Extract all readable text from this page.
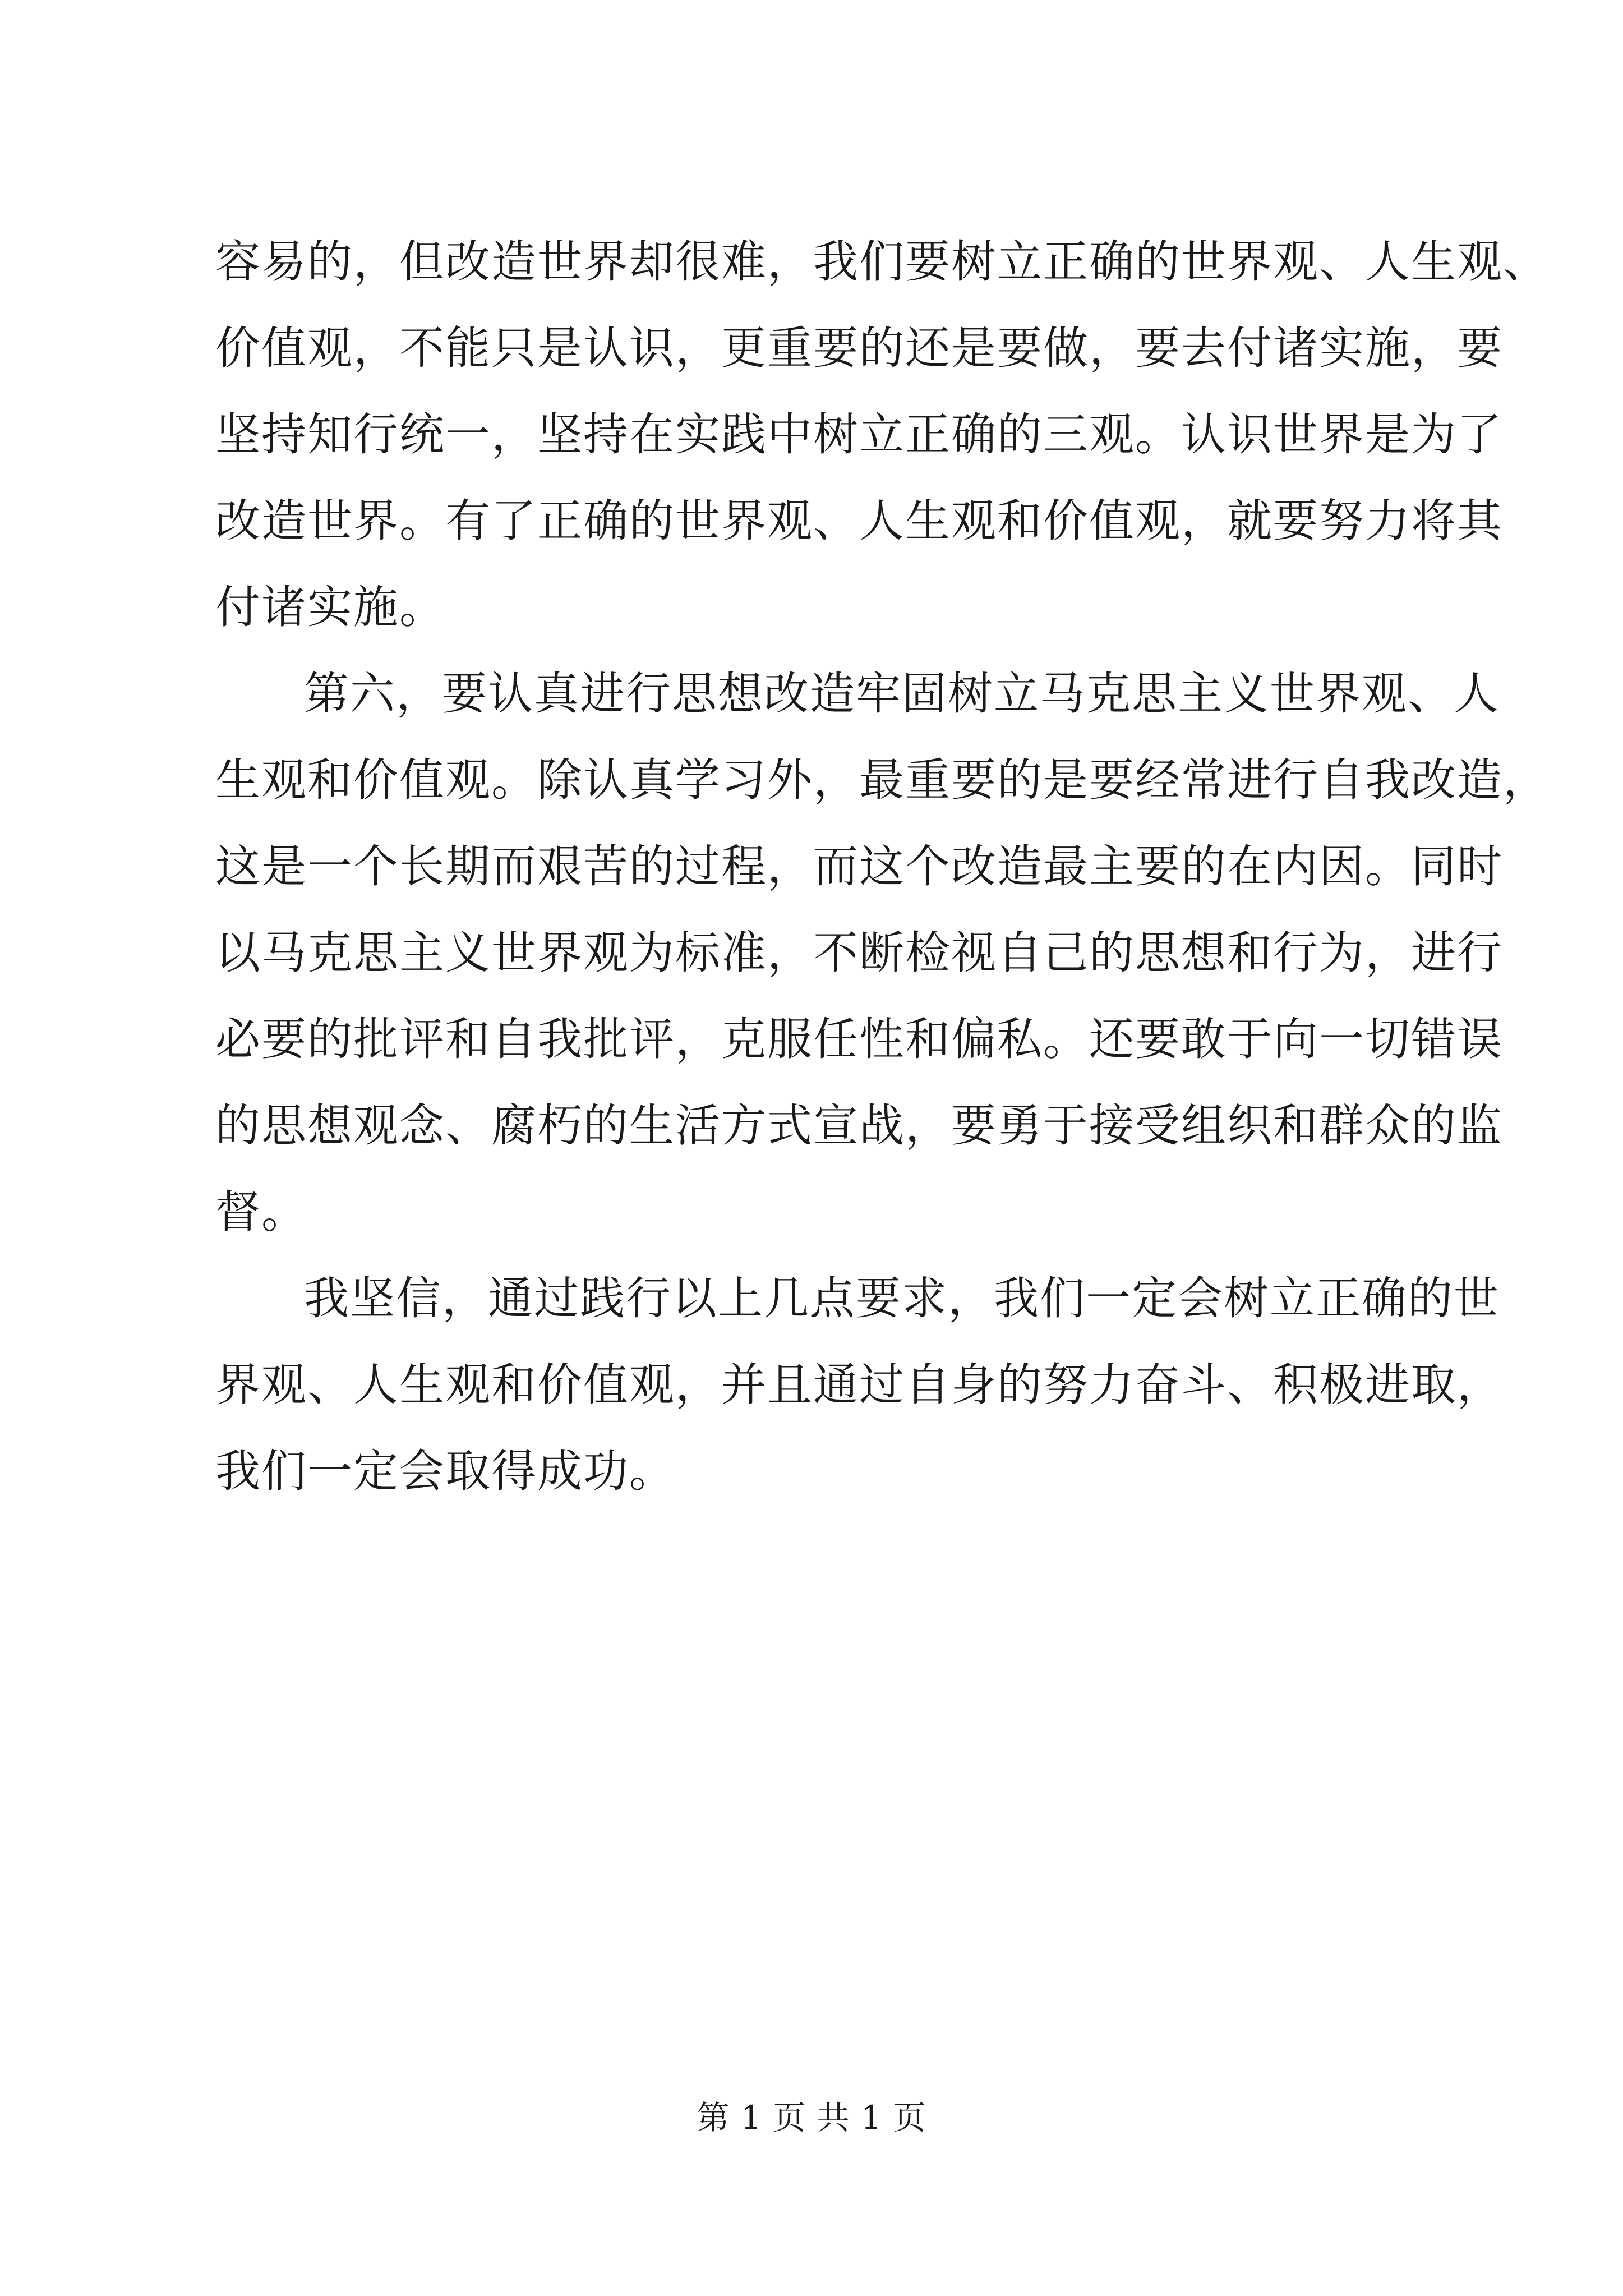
容易的，但改造世界却很难，我们要树立正确的世界观、人生观、
价值观，不能只是认识，更重要的还是要做，要去付诸实施，要
坚持知行统一，坚持在实践中树立正确的三观。认识世界是为了
改造世界。有了正确的世界观、人生观和价值观，就要努力将其
付诸实施。
第六，要认真进行思想改造牢固树立马克思主义世界观、人
生观和价值观。除认真学习外，最重要的是要经常进行自我改造，
这是一个长期而艰苦的过程，而这个改造最主要的在内因。同时
以马克思主义世界观为标准，不断检视自己的思想和行为，进行
必要的批评和自我批评，克服任性和偏私。还要敢于向一切错误
的思想观念、腐朽的生活方式宣战，要勇于接受组织和群众的监
督。
我坚信，通过践行以上几点要求，我们一定会树立正确的世
界观、人生观和价值观，并且通过自身的努力奋斗、积极进取，
我们一定会取得成功。
第 1 页 共 1 页
